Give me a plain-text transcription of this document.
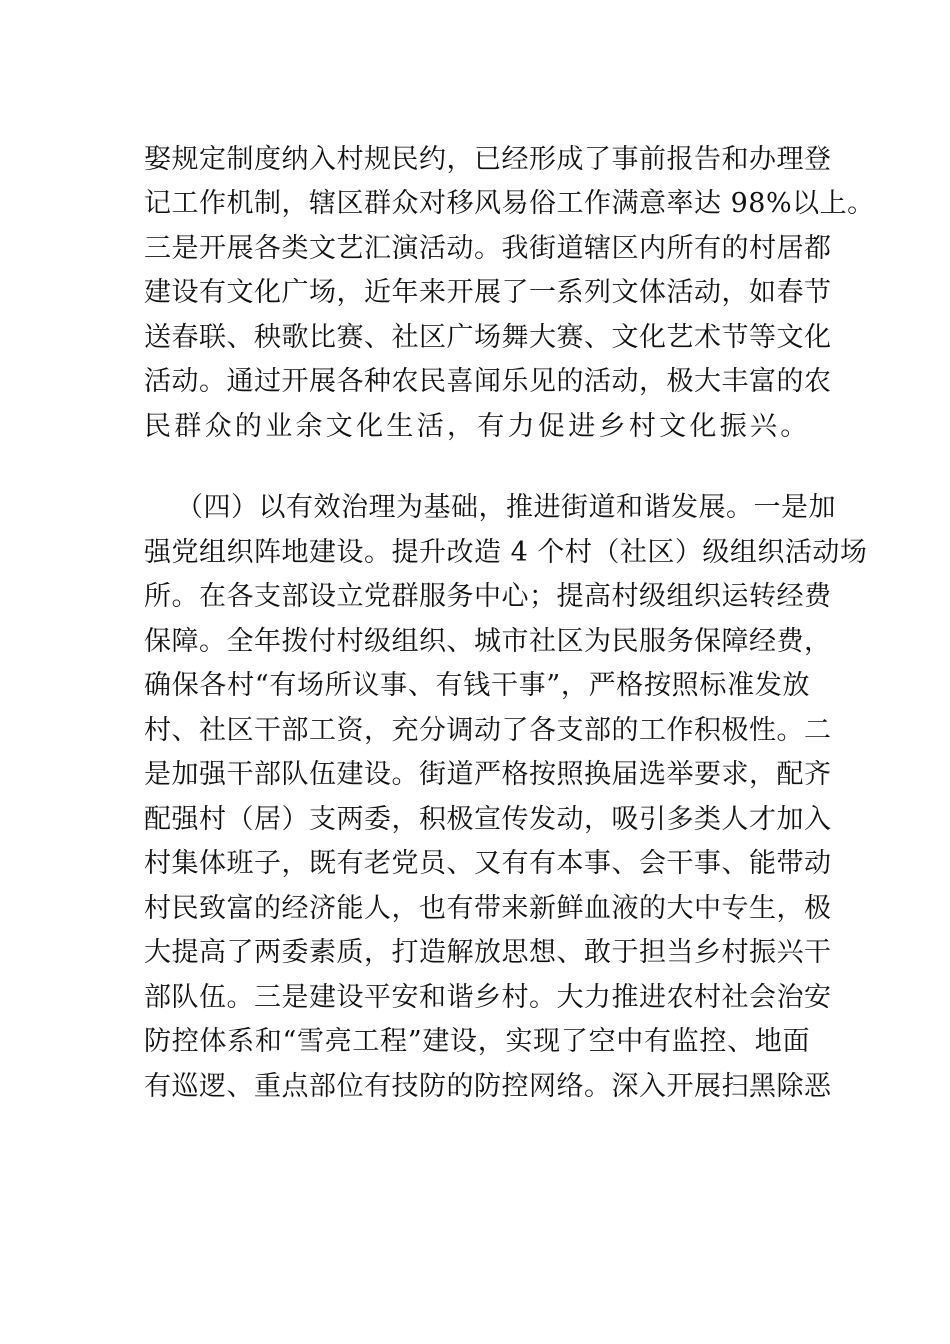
娶规定制度纳入村规民约，已经形成了事前报告和办理登
记工作机制，辖区群众对移风易俗工作满意率达 98%以上。
三是开展各类文艺汇演活动。我街道辖区内所有的村居都
建设有文化广场，近年来开展了一系列文体活动，如春节
送春联、秧歌比赛、社区广场舞大赛、文化艺术节等文化
活动。通过开展各种农民喜闻乐见的活动，极大丰富的农
民群众的业余文化生活，有力促进乡村文化振兴。
（四）以有效治理为基础，推进街道和谐发展。一是加
强党组织阵地建设。提升改造 4 个村（社区）级组织活动场
所。在各支部设立党群服务中心；提高村级组织运转经费
保障。全年拨付村级组织、城市社区为民服务保障经费，
确保各村“有场所议事、有钱干事”，严格按照标准发放
村、社区干部工资，充分调动了各支部的工作积极性。二
是加强干部队伍建设。街道严格按照换届选举要求，配齐
配强村（居）支两委，积极宣传发动，吸引多类人才加入
村集体班子，既有老党员、又有有本事、会干事、能带动
村民致富的经济能人，也有带来新鲜血液的大中专生，极
大提高了两委素质，打造解放思想、敢于担当乡村振兴干
部队伍。三是建设平安和谐乡村。大力推进农村社会治安
防控体系和“雪亮工程”建设，实现了空中有监控、地面
有巡逻、重点部位有技防的防控网络。深入开展扫黑除恶
